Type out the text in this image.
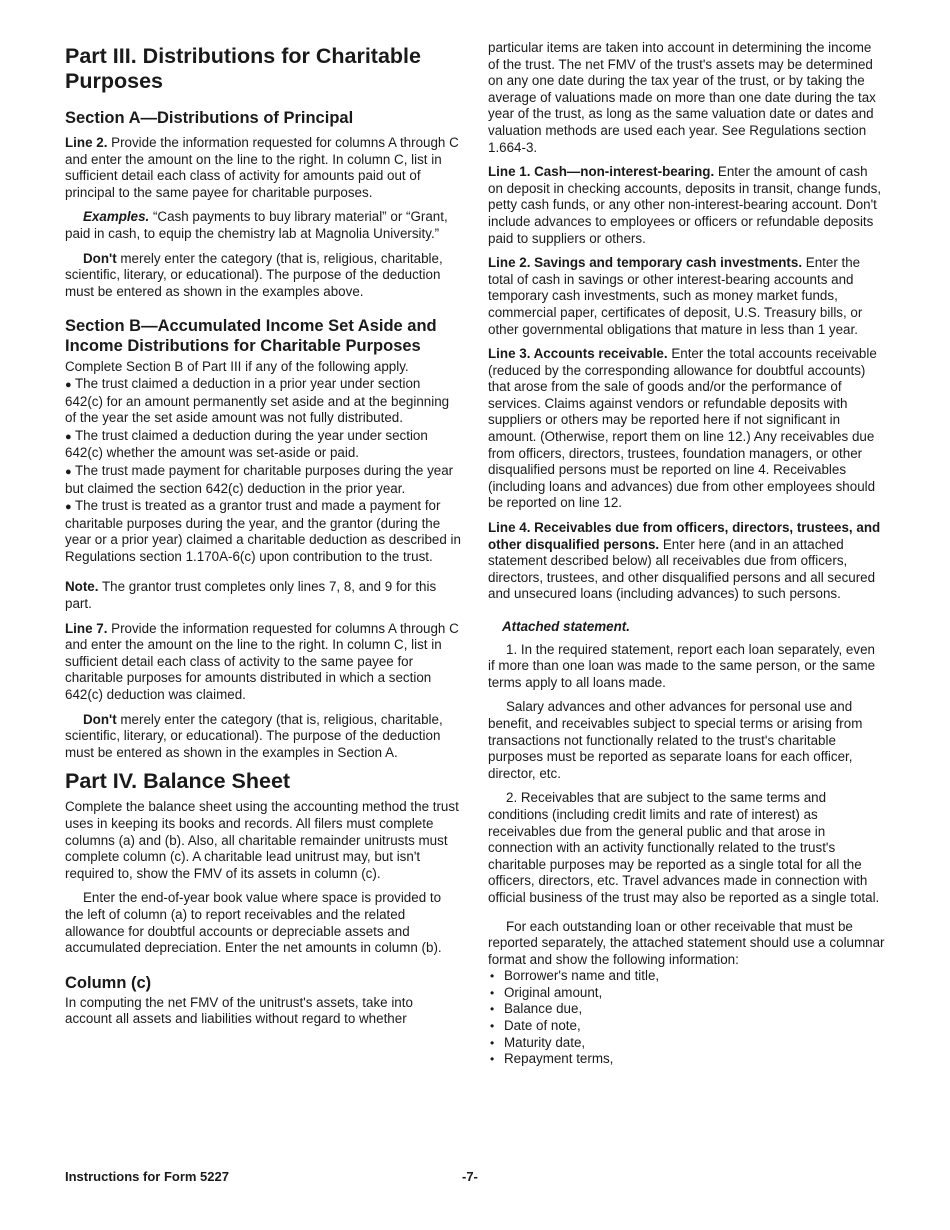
Part III. Distributions for Charitable Purposes
Section A—Distributions of Principal

Line 2. Provide the information requested for columns A through C and enter the amount on the line to the right. In column C, list in sufficient detail each class of activity for amounts paid out of principal to the same payee for charitable purposes.

Examples. “Cash payments to buy library material” or “Grant, paid in cash, to equip the chemistry lab at Magnolia University.”

Don't merely enter the category (that is, religious, charitable, scientific, literary, or educational). The purpose of the deduction must be entered as shown in the examples above.

Section B—Accumulated Income Set Aside and Income Distributions for Charitable Purposes

Complete Section B of Part III if any of the following apply.

● The trust claimed a deduction in a prior year under section 642(c) for an amount permanently set aside and at the beginning of the year the set aside amount was not fully distributed.
● The trust claimed a deduction during the year under section 642(c) whether the amount was set-aside or paid.
● The trust made payment for charitable purposes during the year but claimed the section 642(c) deduction in the prior year.
● The trust is treated as a grantor trust and made a payment for charitable purposes during the year, and the grantor (during the year or a prior year) claimed a charitable deduction as described in Regulations section 1.170A-6(c) upon contribution to the trust.

Note. The grantor trust completes only lines 7, 8, and 9 for this part.

Line 7. Provide the information requested for columns A through C and enter the amount on the line to the right. In column C, list in sufficient detail each class of activity to the same payee for charitable purposes for amounts distributed in which a section 642(c) deduction was claimed.

Don't merely enter the category (that is, religious, charitable, scientific, literary, or educational). The purpose of the deduction must be entered as shown in the examples in Section A.

Part IV. Balance Sheet

Complete the balance sheet using the accounting method the trust uses in keeping its books and records. All filers must complete columns (a) and (b). Also, all charitable remainder unitrusts must complete column (c). A charitable lead unitrust may, but isn't required to, show the FMV of its assets in column (c).

Enter the end-of-year book value where space is provided to the left of column (a) to report receivables and the related allowance for doubtful accounts or depreciable assets and accumulated depreciation. Enter the net amounts in column (b).

Column (c)

In computing the net FMV of the unitrust's assets, take into account all assets and liabilities without regard to whether

particular items are taken into account in determining the income of the trust. The net FMV of the trust's assets may be determined on any one date during the tax year of the trust, or by taking the average of valuations made on more than one date during the tax year of the trust, as long as the same valuation date or dates and valuation methods are used each year. See Regulations section 1.664-3.

Line 1. Cash—non-interest-bearing. Enter the amount of cash on deposit in checking accounts, deposits in transit, change funds, petty cash funds, or any other non-interest-bearing account. Don't include advances to employees or officers or refundable deposits paid to suppliers or others.

Line 2. Savings and temporary cash investments. Enter the total of cash in savings or other interest-bearing accounts and temporary cash investments, such as money market funds, commercial paper, certificates of deposit, U.S. Treasury bills, or other governmental obligations that mature in less than 1 year.

Line 3. Accounts receivable. Enter the total accounts receivable (reduced by the corresponding allowance for doubtful accounts) that arose from the sale of goods and/or the performance of services. Claims against vendors or refundable deposits with suppliers or others may be reported here if not significant in amount. (Otherwise, report them on line 12.) Any receivables due from officers, directors, trustees, foundation managers, or other disqualified persons must be reported on line 4. Receivables (including loans and advances) due from other employees should be reported on line 12.

Line 4. Receivables due from officers, directors, trustees, and other disqualified persons. Enter here (and in an attached statement described below) all receivables due from officers, directors, trustees, and other disqualified persons and all secured and unsecured loans (including advances) to such persons.

Attached statement.

1. In the required statement, report each loan separately, even if more than one loan was made to the same person, or the same terms apply to all loans made.

Salary advances and other advances for personal use and benefit, and receivables subject to special terms or arising from transactions not functionally related to the trust's charitable purposes must be reported as separate loans for each officer, director, etc.

2. Receivables that are subject to the same terms and conditions (including credit limits and rate of interest) as receivables due from the general public and that arose in connection with an activity functionally related to the trust's charitable purposes may be reported as a single total for all the officers, directors, etc. Travel advances made in connection with official business of the trust may also be reported as a single total.

For each outstanding loan or other receivable that must be reported separately, the attached statement should use a columnar format and show the following information:

• Borrower's name and title,
• Original amount,
• Balance due,
• Date of note,
• Maturity date,
• Repayment terms,
Instructions for Form 5227	-7-
